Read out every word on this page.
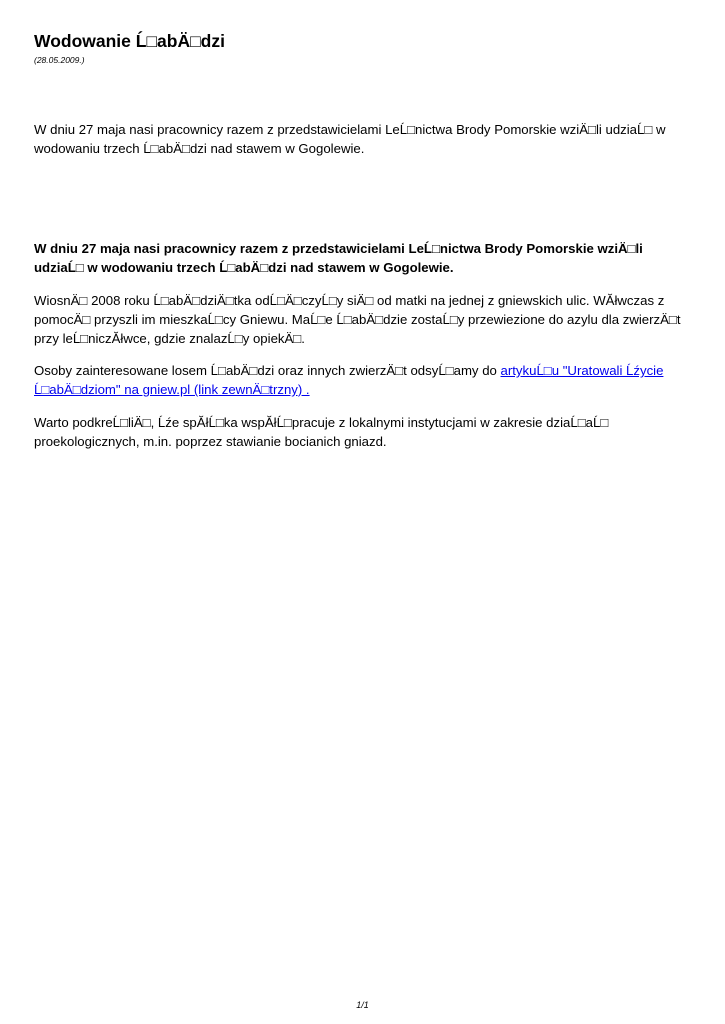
Wodowanie Ĺ□abÄ□dzi

(28.05.2009.)

W dniu 27 maja nasi pracownicy razem z przedstawicielami LeĹ□nictwa Brody Pomorskie wziÄ□li udziaĹ□ w wodowaniu trzech Ĺ□abÄ□dzi nad stawem w Gogolewie.

W dniu 27 maja nasi pracownicy razem z przedstawicielami LeĹ□nictwa Brody Pomorskie wziÄ□li udziaĹ□ w wodowaniu trzech Ĺ□abÄ□dzi nad stawem w Gogolewie.

WiosnÄ□ 2008 roku Ĺ□abÄ□dziÄ□tka odĹ□Ä□czyĹ□y siÄ□ od matki na jednej z gniewskich ulic. WĂłwczas z pomocÄ□ przyszli im mieszkaĹ□cy Gniewu. MaĹ□e Ĺ□abÄ□dzie zostaĹ□y przewiezione do azylu dla zwierzÄ□t przy leĹ□niczĂłwce, gdzie znalazĹ□y opiekÄ□.

Osoby zainteresowane losem Ĺ□abÄ□dzi oraz innych zwierzÄ□t odsyĹ□amy do artykuĹ□u "Uratowali Ĺźycie Ĺ□abÄ□dziom" na gniew.pl (link zewnÄ□trzny) .

Warto podkreĹ□liÄ□, Ĺźe spĂłĹ□ka wspĂłĹ□pracuje z lokalnymi instytucjami w zakresie dziaĹ□aĹ□ proekologicznych, m.in. poprzez stawianie bocianich gniazd.

1/1
